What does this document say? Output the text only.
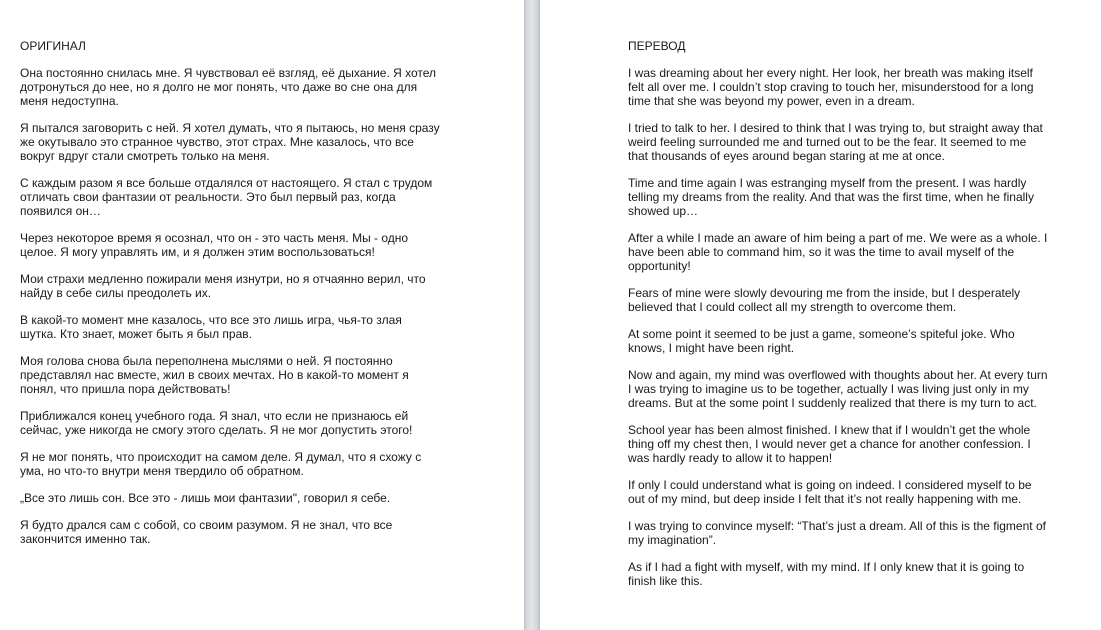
ОРИГИНАЛ

Она постоянно снилась мне. Я чувствовал её взгляд, её дыхание. Я хотел дотронуться до нее, но я долго не мог понять, что даже во сне она для меня недоступна.

Я пытался заговорить с ней. Я хотел думать, что я пытаюсь, но меня сразу же окутывало это странное чувство, этот страх. Мне казалось, что все вокруг вдруг стали смотреть только на меня.

С каждым разом я все больше отдалялся от настоящего. Я стал с трудом отличать свои фантазии от реальности. Это был первый раз, когда появился он…

Через некоторое время я осознал, что он - это часть меня. Мы - одно целое. Я могу управлять им, и я должен этим воспользоваться!

Мои страхи медленно пожирали меня изнутри, но я отчаянно верил, что найду в себе силы преодолеть их.

В какой-то момент мне казалось, что все это лишь игра, чья-то злая шутка. Кто знает, может быть я был прав.

Моя голова снова была переполнена мыслями о ней. Я постоянно представлял нас вместе, жил в своих мечтах. Но в какой-то момент я понял, что пришла пора действовать!

Приближался конец учебного года. Я знал, что если не признаюсь ей сейчас, уже никогда не смогу этого сделать. Я не мог допустить этого!

Я не мог понять, что происходит на самом деле. Я думал, что я схожу с ума, но что-то внутри меня твердило об обратном.

„Все это лишь сон. Все это - лишь мои фантазии", говорил я себе.

Я будто дрался сам с собой, со своим разумом. Я не знал, что все закончится именно так.

ПЕРЕВОД

I was dreaming about her every night. Her look, her breath was making itself felt all over me. I couldn’t stop craving to touch her, misunderstood for a long time that she was beyond my power, even in a dream.

I tried to talk to her. I desired to think that I was trying to, but straight away that weird feeling surrounded me and turned out to be the fear. It seemed to me that thousands of eyes around began staring at me at once.

Time and time again I was estranging myself from the present. I was hardly telling my dreams from the reality. And that was the first time, when he finally showed up…

After a while I made an aware of him being a part of me. We were as a whole. I have been able to command him, so it was the time to avail myself of the opportunity!

Fears of mine were slowly devouring me from the inside, but I desperately believed that I could collect all my strength to overcome them.

At some point it seemed to be just a game, someone’s spiteful joke. Who knows, I might have been right.

Now and again, my mind was overflowed with thoughts about her. At every turn I was trying to imagine us to be together, actually I was living just only in my dreams. But at the some point I suddenly realized that there is my turn to act.

School year has been almost finished. I knew that if I wouldn’t get the whole thing off my chest then, I would never get a chance for another confession. I was hardly ready to allow it to happen!

If only I could understand what is going on indeed. I considered myself to be out of my mind, but deep inside I felt that it’s not really happening with me.

I was trying to convince myself: “That’s just a dream. All of this is the figment of my imagination”.

As if I had a fight with myself, with my mind. If I only knew that it is going to finish like this.
